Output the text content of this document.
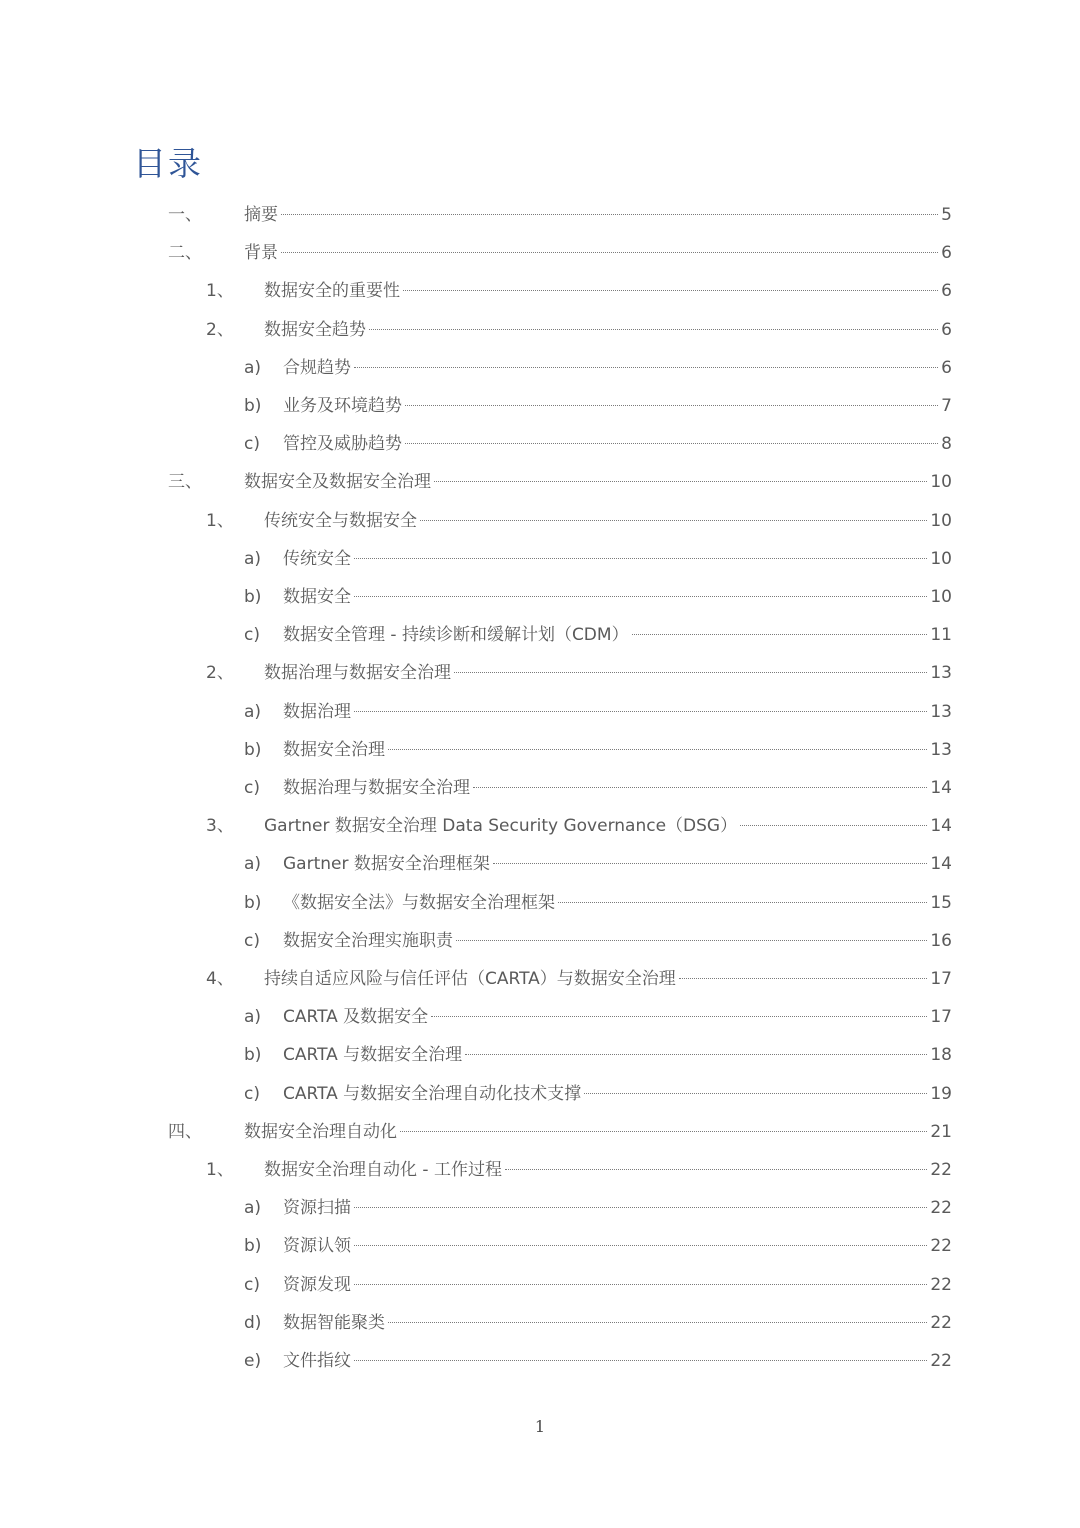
目录
一、 摘要	5
二、 背景	6
1、 数据安全的重要性	6
2、 数据安全趋势	6
a) 合规趋势	6
b) 业务及环境趋势	7
c) 管控及威胁趋势	8
三、 数据安全及数据安全治理	10
1、 传统安全与数据安全	10
a) 传统安全	10
b) 数据安全	10
c) 数据安全管理 - 持续诊断和缓解计划（CDM）	11
2、 数据治理与数据安全治理	13
a) 数据治理	13
b) 数据安全治理	13
c) 数据治理与数据安全治理	14
3、 Gartner 数据安全治理 Data Security Governance（DSG）	14
a) Gartner 数据安全治理框架	14
b) 《数据安全法》与数据安全治理框架	15
c) 数据安全治理实施职责	16
4、 持续自适应风险与信任评估（CARTA）与数据安全治理	17
a) CARTA 及数据安全	17
b) CARTA 与数据安全治理	18
c) CARTA 与数据安全治理自动化技术支撑	19
四、 数据安全治理自动化	21
1、 数据安全治理自动化 - 工作过程	22
a) 资源扫描	22
b) 资源认领	22
c) 资源发现	22
d) 数据智能聚类	22
e) 文件指纹	22
1
